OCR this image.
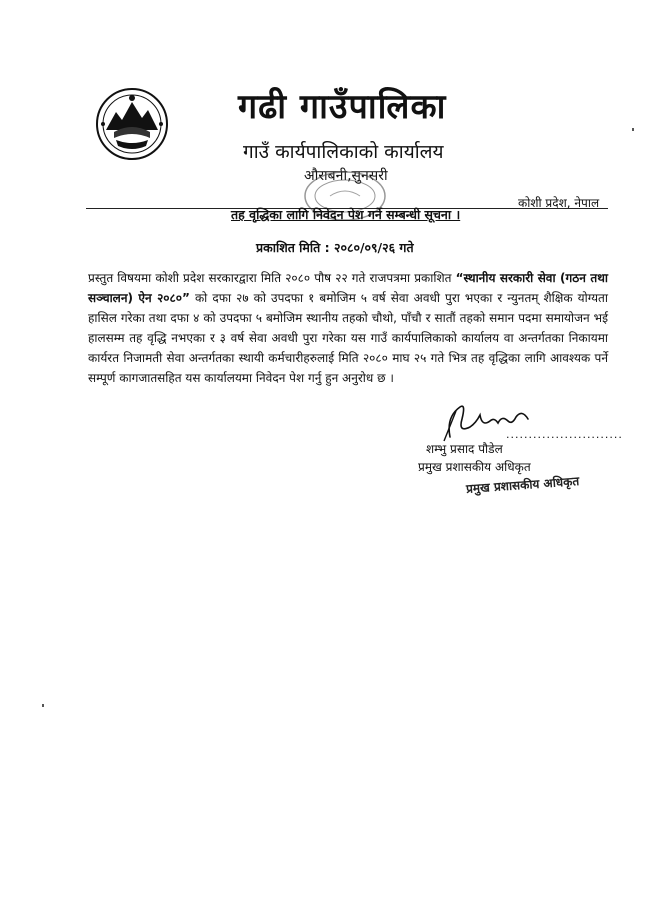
गढी गाउँपालिका
गाउँ कार्यपालिकाको कार्यालय
औराबनी,सुनसरी
कोशी प्रदेश, नेपाल
तह वृद्धिका लागि निवेदन पेश गर्ने सम्बन्धी सूचना ।
प्रकाशित मिति : २०८०/०९/२६ गते
प्रस्तुत विषयमा कोशी प्रदेश सरकारद्वारा मिति २०८० पौष २२ गते राजपत्रमा प्रकाशित “स्थानीय सरकारी सेवा (गठन तथा सञ्चालन) ऐन २०८०” को दफा २७ को उपदफा १ बमोजिम ५ वर्ष सेवा अवधी पुरा भएका र न्युनतम् शैक्षिक योग्यता हासिल गरेका तथा दफा ४ को उपदफा ५ बमोजिम स्थानीय तहको चौथो, पाँचौ र सातौं तहको समान पदमा समायोजन भई हालसम्म तह वृद्धि नभएका र ३ वर्ष सेवा अवधी पुरा गरेका यस गाउँ कार्यपालिकाको कार्यालय वा अन्तर्गतका निकायमा कार्यरत निजामती सेवा अन्तर्गतका स्थायी कर्मचारीहरुलाई मिति २०८० माघ २५ गते भित्र तह वृद्धिका लागि आवश्यक पर्ने सम्पूर्ण कागजातसहित यस कार्यालयमा निवेदन पेश गर्नु हुन अनुरोध छ ।
..........................
शम्भु प्रसाद पौडेल
प्रमुख प्रशासकीय अधिकृत
प्रमुख प्रशासकीय अधिकृत
